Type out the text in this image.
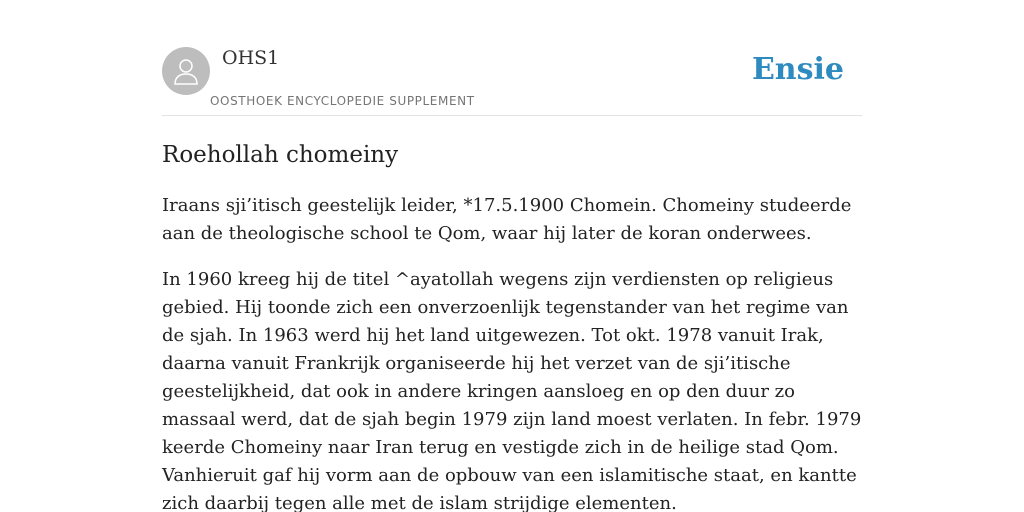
OHS1
OOSTHOEK ENCYCLOPEDIE SUPPLEMENT
Ensie
Roehollah chomeiny

Iraans sji’itisch geestelijk leider, *17.5.1900 Chomein. Chomeiny studeerde aan de theologische school te Qom, waar hij later de koran onderwees.

In 1960 kreeg hij de titel ^ayatollah wegens zijn verdiensten op religieus gebied. Hij toonde zich een onverzoenlijk tegenstander van het regime van de sjah. In 1963 werd hij het land uitgewezen. Tot okt. 1978 vanuit Irak, daarna vanuit Frankrijk organiseerde hij het verzet van de sji’itische geestelijkheid, dat ook in andere kringen aansloeg en op den duur zo massaal werd, dat de sjah begin 1979 zijn land moest verlaten. In febr. 1979 keerde Chomeiny naar Iran terug en vestigde zich in de heilige stad Qom. Vanhieruit gaf hij vorm aan de opbouw van een islamitische staat, en kantte zich daarbij tegen alle met de islam strijdige elementen.
